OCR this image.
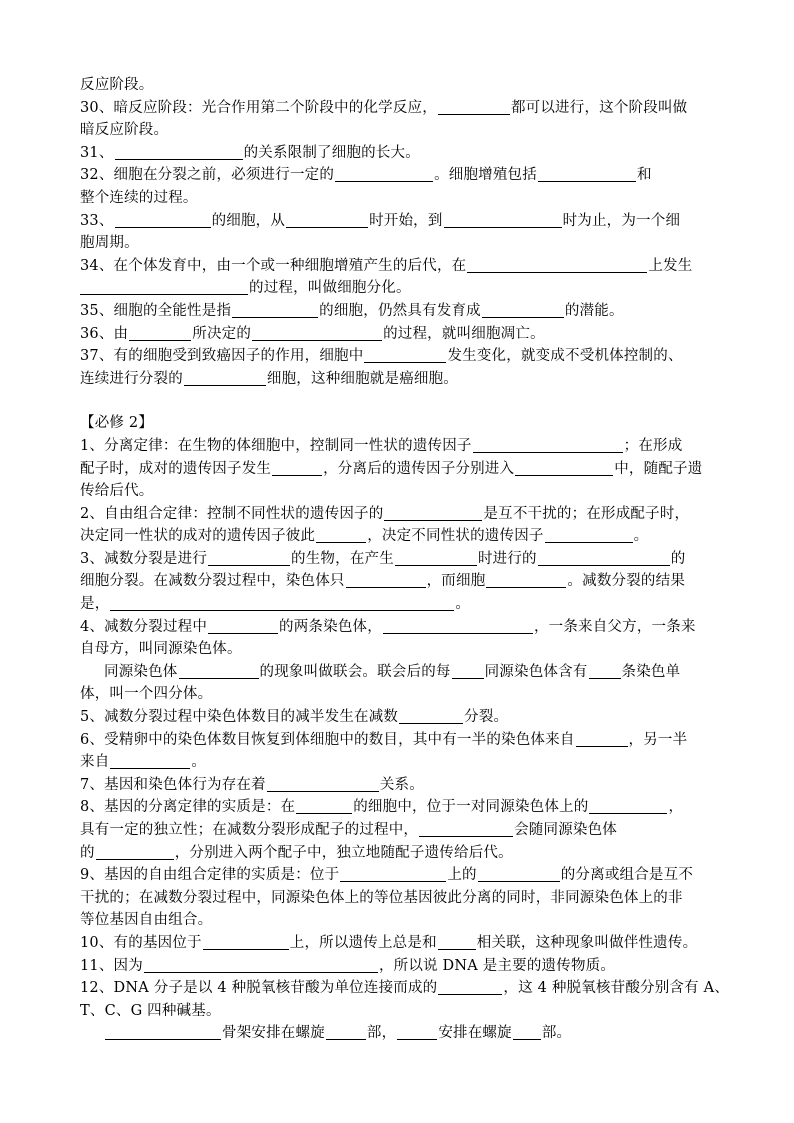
反应阶段。
30、暗反应阶段：光合作用第二个阶段中的化学反应，	都可以进行，这个阶段叫做
暗反应阶段。
31、	的关系限制了细胞的长大。
32、细胞在分裂之前，必须进行一定的	。细胞增殖包括	和
整个连续的过程。
33、	的细胞，从	时开始，到	时为止，为一个细
胞周期。
34、在个体发育中，由一个或一种细胞增殖产生的后代，在	上发生
的过程，叫做细胞分化。
35、细胞的全能性是指	的细胞，仍然具有发育成	的潜能。
36、由	所决定的	的过程，就叫细胞凋亡。
37、有的细胞受到致癌因子的作用，细胞中	发生变化，就变成不受机体控制的、
连续进行分裂的	细胞，这种细胞就是癌细胞。
【必修 2】
1、分离定律：在生物的体细胞中，控制同一性状的遗传因子	；在形成
配子时，成对的遗传因子发生	，分离后的遗传因子分别进入	中，随配子遗
传给后代。
2、自由组合定律：控制不同性状的遗传因子的	是互不干扰的；在形成配子时，
决定同一性状的成对的遗传因子彼此	，决定不同性状的遗传因子	。
3、减数分裂是进行	的生物，在产生	时进行的	的
细胞分裂。在减数分裂过程中，染色体只	，而细胞	。减数分裂的结果
是，	。
4、减数分裂过程中	的两条染色体，	，一条来自父方，一条来
自母方，叫同源染色体。
同源染色体	的现象叫做联会。联会后的每 同源染色体含有 条染色单
体，叫一个四分体。
5、减数分裂过程中染色体数目的减半发生在减数	分裂。
6、受精卵中的染色体数目恢复到体细胞中的数目，其中有一半的染色体来自	，另一半
来自	。
7、基因和染色体行为存在着	关系。
8、基因的分离定律的实质是：在	的细胞中，位于一对同源染色体上的	，
具有一定的独立性；在减数分裂形成配子的过程中，	会随同源染色体
的	，分别进入两个配子中，独立地随配子遗传给后代。
9、基因的自由组合定律的实质是：位于	上的	的分离或组合是互不
干扰的；在减数分裂过程中，同源染色体上的等位基因彼此分离的同时，非同源染色体上的非
等位基因自由组合。
10、有的基因位于	上，所以遗传上总是和	相关联，这种现象叫做伴性遗传。
11、因为	，所以说 DNA 是主要的遗传物质。
12、DNA 分子是以 4 种脱氧核苷酸为单位连接而成的	，这 4 种脱氧核苷酸分别含有 A、
T、C、G 四种碱基。
骨架安排在螺旋	部，	安排在螺旋 部。
